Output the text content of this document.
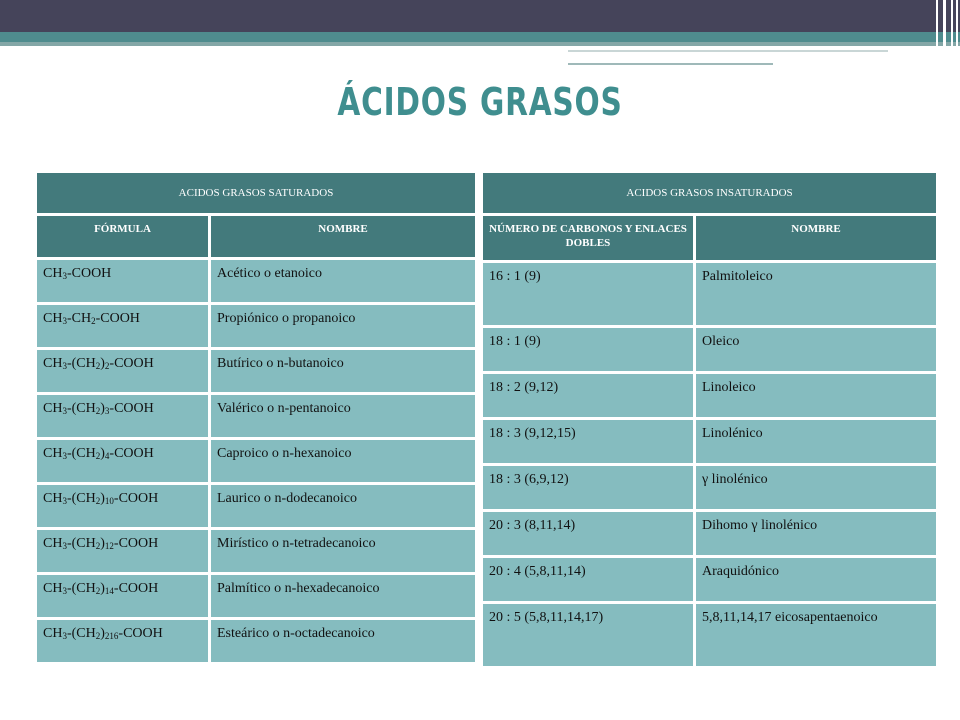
ÁCIDOS GRASOS
ACIDOS GRASOS SATURADOS	
FÓRMULA	NOMBRE
$CH_3$-COOH	Acético o etanoico
$CH_3-CH_2$-COOH	Propiónico o propanoico
$CH_3-(CH_2)_2$-COOH	Butírico o n-butanoico
$CH_3-(CH_2)_3$-COOH	Valérico o n-pentanoico
$CH_3-(CH_2)_4$-COOH	Caproico o n-hexanoico
$CH_3-(CH_2)_{10}$-COOH	Laurico o n-dodecanoico
$CH_3-(CH_2)_{12}$-COOH	Mirístico o n-tetradecanoico
$CH_3-(CH_2)_{14}$-COOH	Palmítico o n-hexadecanoico
$CH_3-(CH_2)_{216}$-COOH	Esteárico o n-octadecanoico
ACIDOS GRASOS INSATURADOS	
NÚMERO DE CARBONOS Y ENLACES DOBLES	NOMBRE
16 : 1 (9)	Palmitoleico
18 : 1 (9)	Oleico
18 : 2 (9,12)	Linoleico
18 : 3 (9,12,15)	Linolénico
18 : 3 (6,9,12)	γ linolénico
20 : 3 (8,11,14)	Dihomo γ linolénico
20 : 4 (5,8,11,14)	Araquidónico
20 : 5 (5,8,11,14,17)	5,8,11,14,17 eicosapentaenoico
